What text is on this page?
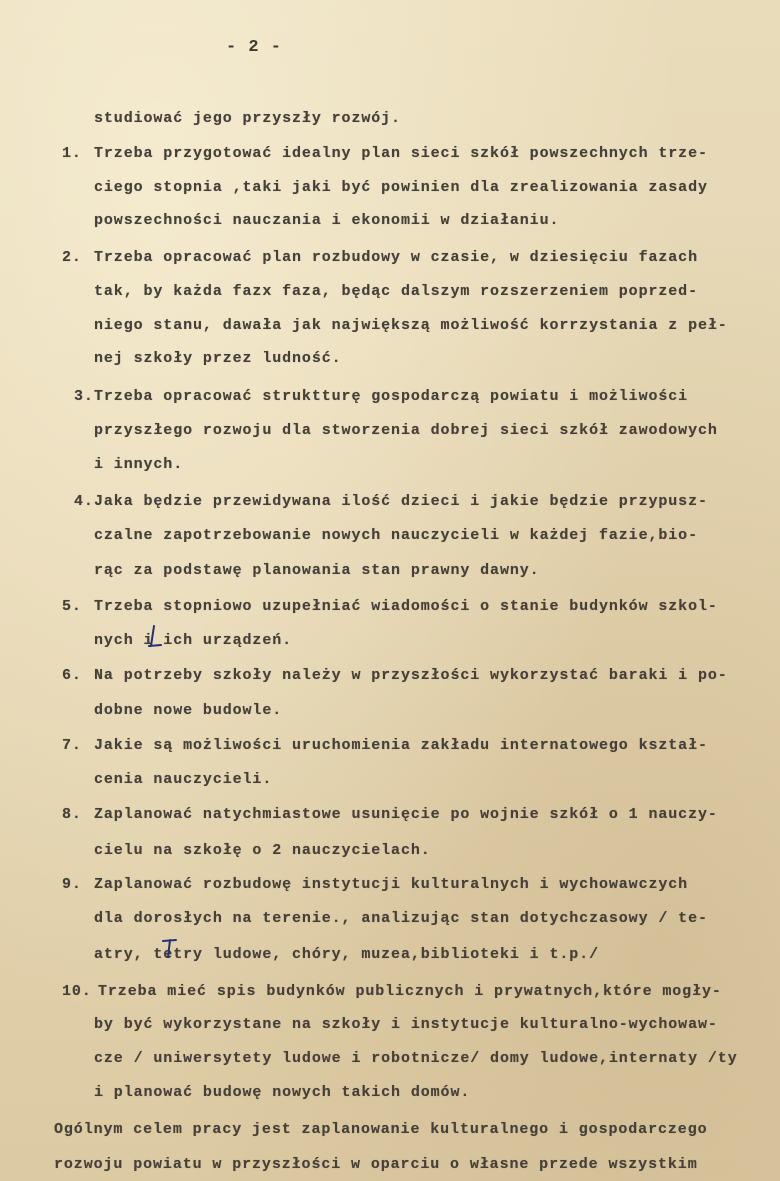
- 2 -
studiować jego przyszły rozwój.
1. Trzeba przygotować idealny plan sieci szkół powszechnych trze-
ciego stopnia ,taki jaki być powinien dla zrealizowania zasady
powszechności nauczania i ekonomii w działaniu.
2. Trzeba opracować plan rozbudowy w czasie, w dziesięciu fazach
tak, by każda fazx faza, będąc dalszym rozszerzeniem poprzed-
niego stanu, dawała jak największą możliwość korrzystania z peł-
nej szkoły przez ludność.
3. Trzeba opracować struktturę gospodarczą powiatu i możliwości
przyszłego rozwoju dla stworzenia dobrej sieci szkół zawodowych
i innych.
4. Jaka będzie przewidywana ilość dzieci i jakie będzie przypusz-
czalne zapotrzebowanie nowych nauczycieli w każdej fazie,bio-
rąc za podstawę planowania stan prawny dawny.
5. Trzeba stopniowo uzupełniać wiadomości o stanie budynków szkol-
nych i ich urządzeń.
6. Na potrzeby szkoły należy w przyszłości wykorzystać baraki i po-
dobne nowe budowle.
7. Jakie są możliwości uruchomienia zakładu internatowego kształ-
cenia nauczycieli.
8. Zaplanować natychmiastowe usunięcie po wojnie szkół o 1 nauczy-
cielu na szkołę o 2 nauczycielach.
9. Zaplanować rozbudowę instytucji kulturalnych i wychowawczych
dla dorosłych na terenie., analizując stan dotychczasowy / te-
atry, tetry ludowe, chóry, muzea,biblioteki i t.p./
10. Trzeba mieć spis budynków publicznych i prywatnych,które mogły-
by być wykorzystane na szkoły i instytucje kulturalno-wychowaw-
cze / uniwersytety ludowe i robotnicze/ domy ludowe,internaty /ty
i planować budowę nowych takich domów.
Ogólnym celem pracy jest zaplanowanie kulturalnego i gospodarczego
rozwoju powiatu w przyszłości w oparciu o własne przede wszystkim
